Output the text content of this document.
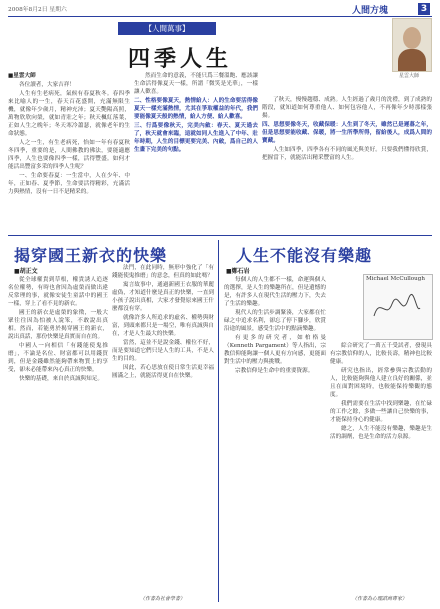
2008年8月2日 星期六	人間方塊	3
【人間萬事】
四季人生
星雲大師

■星雲大師

各位讀者，大家吉祥！

人生有生老病死，氣候有春夏秋冬。春四季來比喻人的一生，春天百花盛開，充滿無限生機，就像年少歲月，精神充沛；夏天艷陽高照，萬物欣欣向榮，就如青壯之年；秋天楓紅落葉，正如人生之晚年；冬天寒冷蕭瑟，就像老年的生命狀態。

人之一生，有生老病死，怡如一年有春夏秋冬四季，重要的是，人間佛教的佛法，要能適應四季，人生也要像四季一樣，活得豐盛。如何才能活出豐富多采的四季人生呢？

一、生命要春夏：一生當中，人在少年、中年，正如春、夏季節，生命要活得精彩，充滿活力與熱情，沒有一日不是精采的。

然而生命的意義，不能只爲三餐溫飽、應該讓生命活得像夏天一樣，所謂「微笑是光華」，一樣讓人歡喜。

二、性格要像夏天，熱情給人：人的生命要活得像夏天一樣充滿熱情，尤其在爭取權益的年代，我們要能像夏天般的熱情，給人方便、給人歡喜。

三、行爲要像秋天，完美內斂：春天、夏天過去了，秋天就會來臨，這就如同人生進入了中年、壯年時期，人生的目標更要完美、內斂，爲自己的人生畫下完美的句點。

了秋天，慢慢趨穩、成熟。人生經過了歲月的洗禮，到了成熟的階段，就知道如何尊重他人、如何包容他人，不再像年少時那樣張揚。

四、思想要像冬天，收藏保暖：人生到了冬天，雖然已是遲暮之年，但是思想要能收藏、保暖，將一生所學所得，留給後人，成爲人間的寶藏。

人生如四季，四季各有不同的風光與美好。只要我們懂得欣賞，把握當下，就能活出精采豐富的人生。

揭穿國王新衣的快樂
■胡正文

從全球權貴到草根，權貴誘人追逐名位權勢，有時也會因為虛榮而做出違反常理的事，就像安徒生童話中的國王一樣，穿上了看不見的新衣。

國王的新衣是虛榮的象徵，一般大眾往往因為怕被人說笨，不敢說出真相。然而，若能勇於揭穿國王的新衣，說出真話，那份快樂是真實而自在的。

中國人一向相信「有錢能使鬼推磨」，不論是名位、財富都可以用錢買到，但是金錢雖然能夠帶來物質上的享受，卻未必能帶來內心真正的快樂。

快樂的基礎，來自於真誠與知足。

法門，在此同時，無形中強化了「有錢能使鬼推磨」的意念，但真的如此嗎？

寓言故事中，通過新國王衣服的華麗虛偽，才知道什麼是真正的快樂，一直到小孩子說出真相，大家才發覺原來國王什麼都沒有穿。

就像許多人所追求的虛名、權勢與財富，到頭來都只是一場空，唯有真誠與自在，才是人生最大的快樂。

當然，這並不是說金錢、權位不好，而是要知道它們只是人生的工具，不是人生的目的。

因此，若心思放在使日常生活更幸福圓滿之上，就能活得更自在快樂。

（作者為社會學者）
人生不能沒有樂趣
■鄭石岩

每個人的人生都不一樣，命運與個人的選擇，是人生的樂趣所在，但是遺憾的是，有許多人在現代生活的壓力下，失去了生活的樂趣。

現代人的生活步調緊湊，大家都在忙碌之中追求名利，卻忘了停下腳步，欣賞沿途的風景，感受生活中的點滴樂趣。

有更多的研究者，如柏格曼（Kenneth Pargament）等人指出，宗教信仰能夠讓一個人更有方向感，更能面對生活中的壓力與挑戰。

宗教信仰是生命中的重要資源。

Michael McCullough

綜合研究了一萬五千受試者，發現具有宗教信仰的人，比較長壽，精神也比較健康。

研究也指出，經常參與宗教活動的人，比較能夠與他人建立良好的關係，並且在面對困境時，也較能保持樂觀的態度。

我們需要在生活中找到樂趣，在忙碌的工作之餘，多做一些讓自己快樂的事，才能保持身心的健康。

總之，人生不能沒有樂趣，樂趣是生活的調劑，也是生命的活力泉源。

（作者為心理諮商專家）
